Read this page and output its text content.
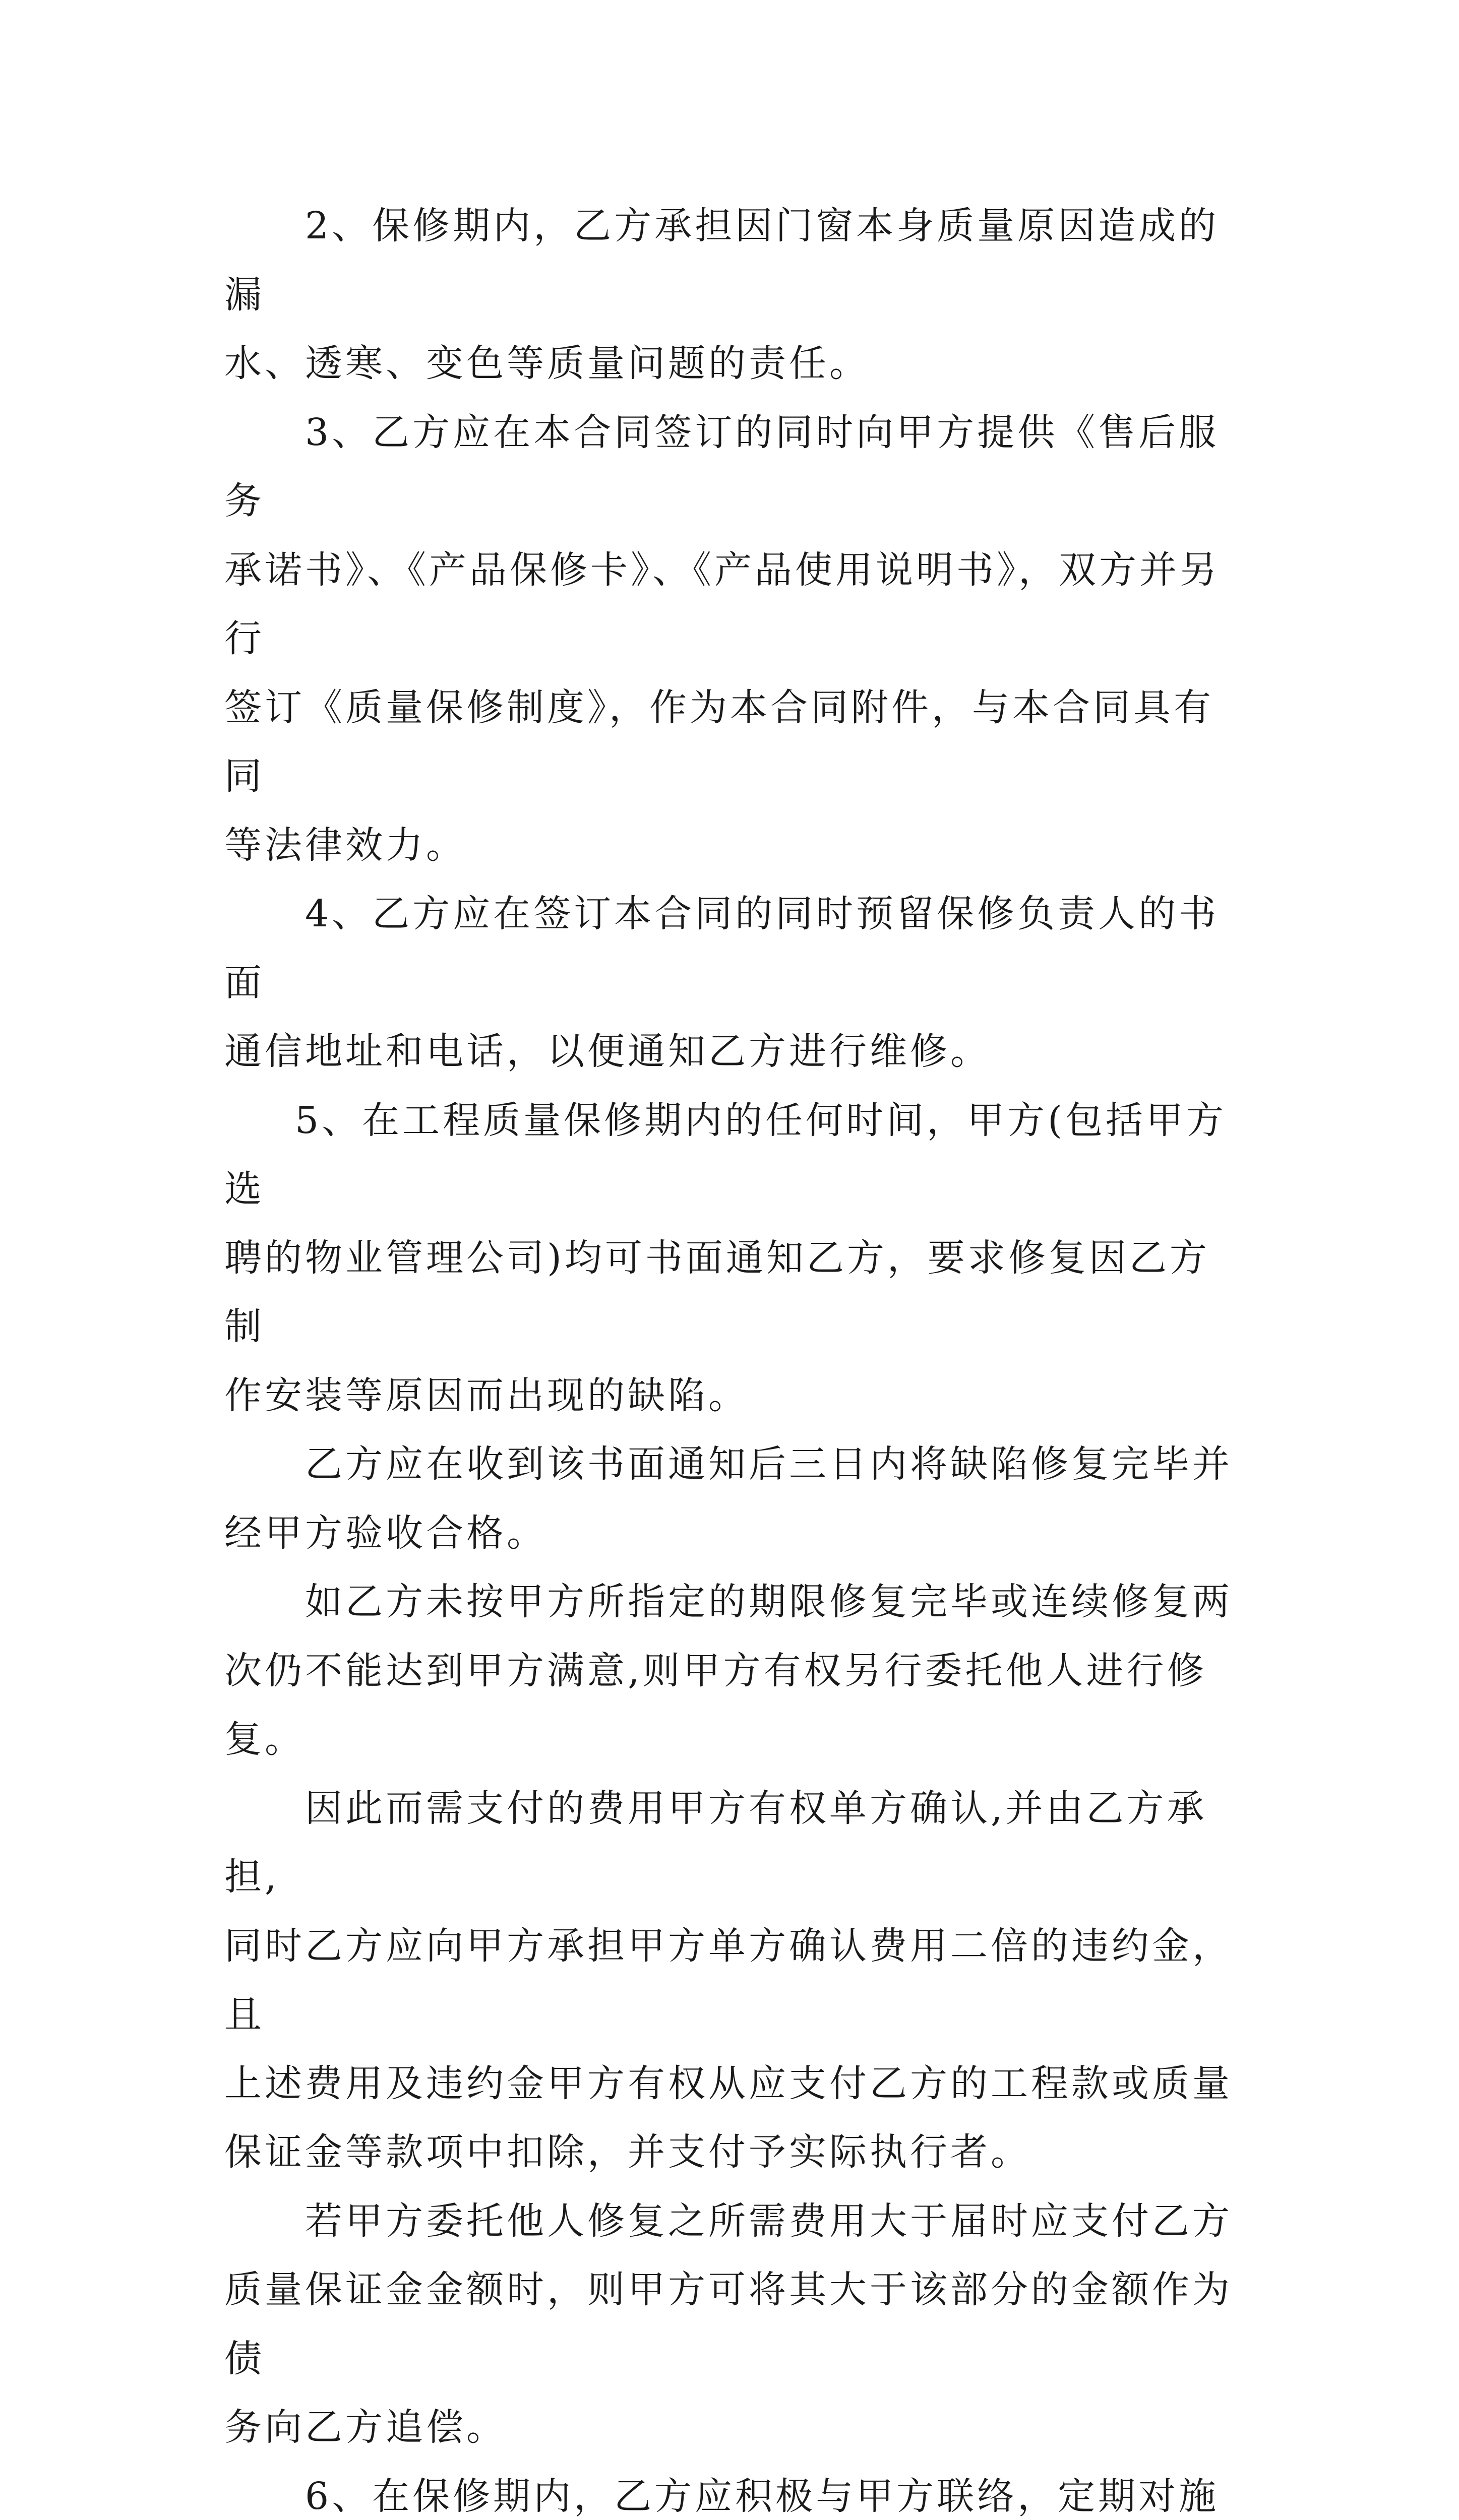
2、保修期内，乙方承担因门窗本身质量原因造成的漏
水、透寒、变色等质量问题的责任。

3、乙方应在本合同签订的同时向甲方提供《售后服务
承诺书》、《产品保修卡》、《产品使用说明书》，双方并另行
签订《质量保修制度》，作为本合同附件，与本合同具有同
等法律效力。

4、乙方应在签订本合同的同时预留保修负责人的书面
通信地址和电话，以便通知乙方进行维修。

5、在工程质量保修期内的任何时间，甲方(包括甲方选
聘的物业管理公司)均可书面通知乙方，要求修复因乙方制
作安装等原因而出现的缺陷。

乙方应在收到该书面通知后三日内将缺陷修复完毕并
经甲方验收合格。

如乙方未按甲方所指定的期限修复完毕或连续修复两
次仍不能达到甲方满意,则甲方有权另行委托他人进行修复。

因此而需支付的费用甲方有权单方确认,并由乙方承担,
同时乙方应向甲方承担甲方单方确认费用二倍的违约金，且
上述费用及违约金甲方有权从应支付乙方的工程款或质量
保证金等款项中扣除，并支付予实际执行者。

若甲方委托他人修复之所需费用大于届时应支付乙方
质量保证金金额时，则甲方可将其大于该部分的金额作为债
务向乙方追偿。

6、在保修期内，乙方应积极与甲方联络，定期对施
